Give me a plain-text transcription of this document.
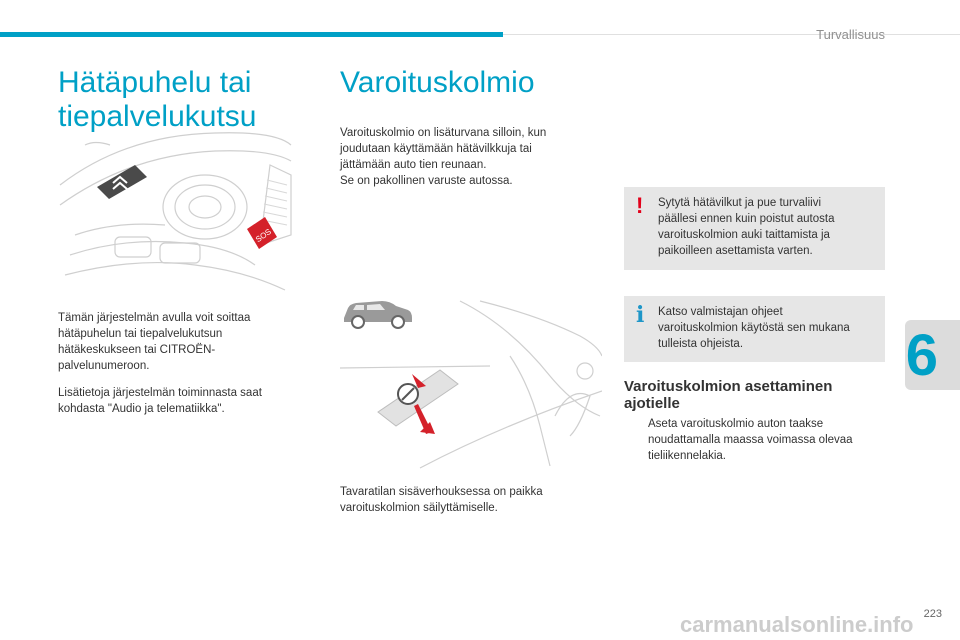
Turvallisuus
Hätäpuhelu tai
tiepalvelukutsu
SOS

Tämän järjestelmän avulla voit soittaa
hätäpuhelun tai tiepalvelukutsun
hätäkeskukseen tai CITROËN-
palvelunumeroon.

Lisätietoja järjestelmän toiminnasta saat
kohdasta "Audio ja telematiikka".

Varoituskolmio

Varoituskolmio on lisäturvana silloin, kun
joudutaan käyttämään hätävilkkuja tai
jättämään auto tien reunaan.
Se on pakollinen varuste autossa.

Tavaratilan sisäverhouksessa on paikka
varoituskolmion säilyttämiselle.

! Sytytä hätävilkut ja pue turvaliivi
päällesi ennen kuin poistut autosta
varoituskolmion auki taittamista ja
paikoilleen asettamista varten.
i Katso valmistajan ohjeet
varoituskolmion käytöstä sen mukana
tulleista ohjeista.
Varoituskolmion asettaminen
ajotielle
Aseta varoituskolmio auton taakse
noudattamalla maassa voimassa olevaa
tieliikennelakia.
6
carmanualsonline.info 223
